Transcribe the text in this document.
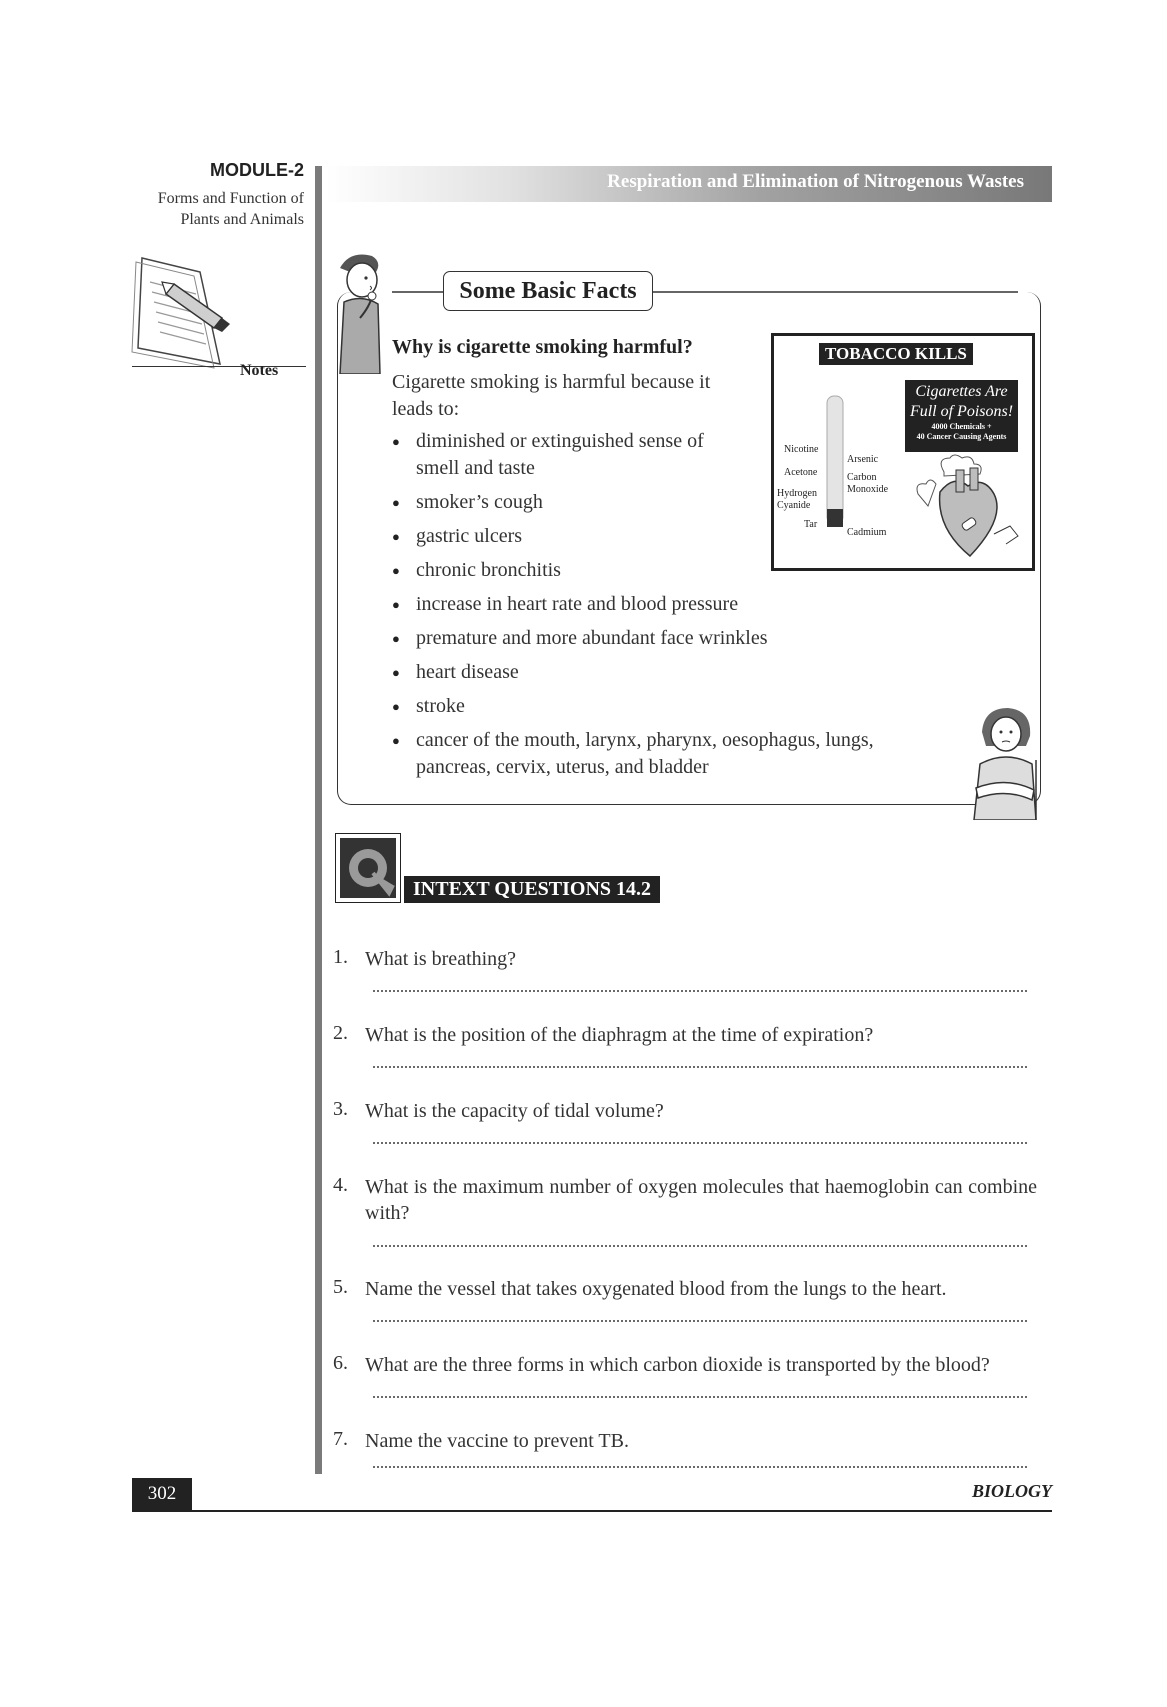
MODULE-2
Forms and Function of
Plants and Animals
Notes
Respiration and Elimination of Nitrogenous Wastes
Some Basic Facts
Why is cigarette smoking harmful?
Cigarette smoking is harmful because it leads to:
● diminished or extinguished sense of smell and taste
● smoker’s cough
● gastric ulcers
● chronic bronchitis
● increase in heart rate and blood pressure
● premature and more abundant face wrinkles
● heart disease
● stroke
● cancer of the mouth, larynx, pharynx, oesophagus, lungs, pancreas, cervix, uterus, and bladder
TOBACCO KILLS
Cigarettes Are Full of Poisons!
4000 Chemicals +
40 Cancer Causing Agents
Nicotine
Acetone
Hydrogen Cyanide
Tar
Arsenic
Carbon Monoxide
Cadmium
INTEXT QUESTIONS 14.2
1. What is breathing?
2. What is the position of the diaphragm at the time of expiration?
3. What is the capacity of tidal volume?
4. What is the maximum number of oxygen molecules that haemoglobin can combine with?
5. Name the vessel that takes oxygenated blood from the lungs to the heart.
6. What are the three forms in which carbon dioxide is transported by the blood?
7. Name the vaccine to prevent TB.
302	BIOLOGY
